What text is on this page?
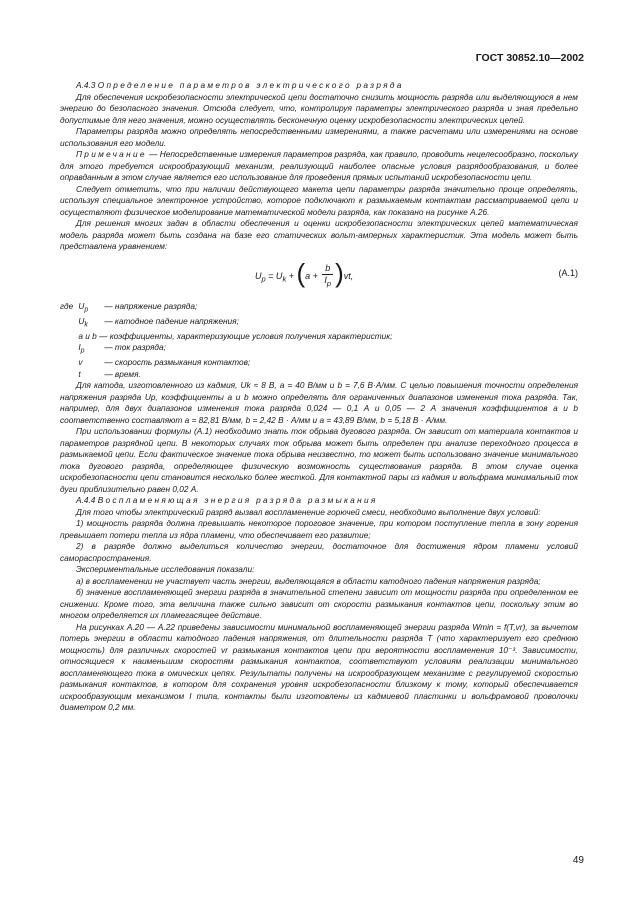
ГОСТ 30852.10—2002

А.4.3 Определение параметров электрического разряда

Для обеспечения искробезопасности электрической цепи достаточно снизить мощность разряда или выделяющуюся в нем энергию до безопасного значения. Отсюда следует, что, контролируя параметры электрического разряда и зная предельно допустимые для него значения, можно осуществлять бесконечную оценку искробезопасности электрических цепей.

Параметры разряда можно определять непосредственными измерениями, а также расчетами или измерениями на основе использования его модели.

Примечание — Непосредственные измерения параметров разряда, как правило, проводить нецелесообразно, поскольку для этого требуется искрообразующий механизм, реализующий наиболее опасные условия разрядообразования, и более оправданным в этом случае является его использование для проведения прямых испытаний искробезопасности цепи.

Следует отметить, что при наличии действующего макета цепи параметры разряда значительно проще определять, используя специальное электронное устройство, которое подключают к размыкаемым контактам рассматриваемой цепи и осуществляют физическое моделирование математической модели разряда, как показано на рисунке А.26.

Для решения многих задач в области обеспечения и оценки искробезопасности электрических цепей математическая модель разряда может быть создана на базе его статических вольт-амперных характеристик. Эта модель может быть представлена уравнением:

$U_p = U_k + (a + \frac{b}{I_p} )vt$,	(А.1)

где $U_p$ — напряжение разряда;

$U_k$ — катодное падение напряжения;

a и b — коэффициенты, характеризующие условия получения характеристик;

$I_p$ — ток разряда;

v	— скорость размыкания контактов;

t	— время.

Для катода, изготовленного из кадмия, Uk ≈ 8 В, a = 40 В/мм и b = 7,6 В·А/мм. С целью повышения точности определения напряжения разряда Up, коэффициенты a и b можно определять для ограниченных диапазонов изменения тока разряда. Так, например, для двух диапазонов изменения тока разряда 0,024 — 0,1 А и 0,05 — 2 А значения коэффициентов a и b соответственно составляют a = 82,81 В/мм, b = 2,42 В · А/мм и a = 43,89 В/мм, b = 5,18 В · А/мм.

При использовании формулы (А.1) необходимо знать ток обрыва дугового разряда. Он зависит от материала контактов и параметров разрядной цепи. В некоторых случаях ток обрыва может быть определен при анализе переходного процесса в размыкаемой цепи. Если фактическое значение тока обрыва неизвестно, то может быть использовано значение минимального тока дугового разряда, определяющее физическую возможность существования разряда. В этом случае оценка искробезопасности цепи становится несколько более жесткой. Для контактной пары из кадмия и вольфрама минимальный ток дуги приблизительно равен 0,02 А.

А.4.4 Воспламеняющая энергия разряда размыкания

Для того чтобы электрический разряд вызвал воспламенение горючей смеси, необходимо выполнение двух условий:

1) мощность разряда должна превышать некоторое пороговое значение, при котором поступление тепла в зону горения превышает потери тепла из ядра пламени, что обеспечивает его развитие;

2) в разряде должно выделиться количество энергии, достаточное для достижения ядром пламени условий самораспространения.

Экспериментальные исследования показали:

а) в воспламенении не участвует часть энергии, выделяющаяся в области катодного падения напряжения разряда;

б) значение воспламеняющей энергии разряда в значительной степени зависит от мощности разряда при определенном ее снижении. Кроме того, эта величина также сильно зависит от скорости размыкания контактов цепи, поскольку этим во многом определяется их пламегасящее действие.

На рисунках А.20 — А.22 приведены зависимости минимальной воспламеняющей энергии разряда Wmin = f(T,vr), за вычетом потерь энергии в области катодного падения напряжения, от длительности разряда T (что характеризует его среднюю мощность) для различных скоростей vr размыкания контактов цепи при вероятности воспламенения 10⁻³. Зависимости, относящиеся к наименьшим скоростям размыкания контактов, соответствуют условиям реализации минимального воспламеняющего тока в омических цепях. Результаты получены на искрообразующем механизме с регулируемой скоростью размыкания контактов, в котором для сохранения уровня искробезопасности близкому к тому, который обеспечивается искрообразующим механизмом I типа, контакты были изготовлены из кадмиевой пластинки и вольфрамовой проволочки диаметром 0,2 мм.

49
